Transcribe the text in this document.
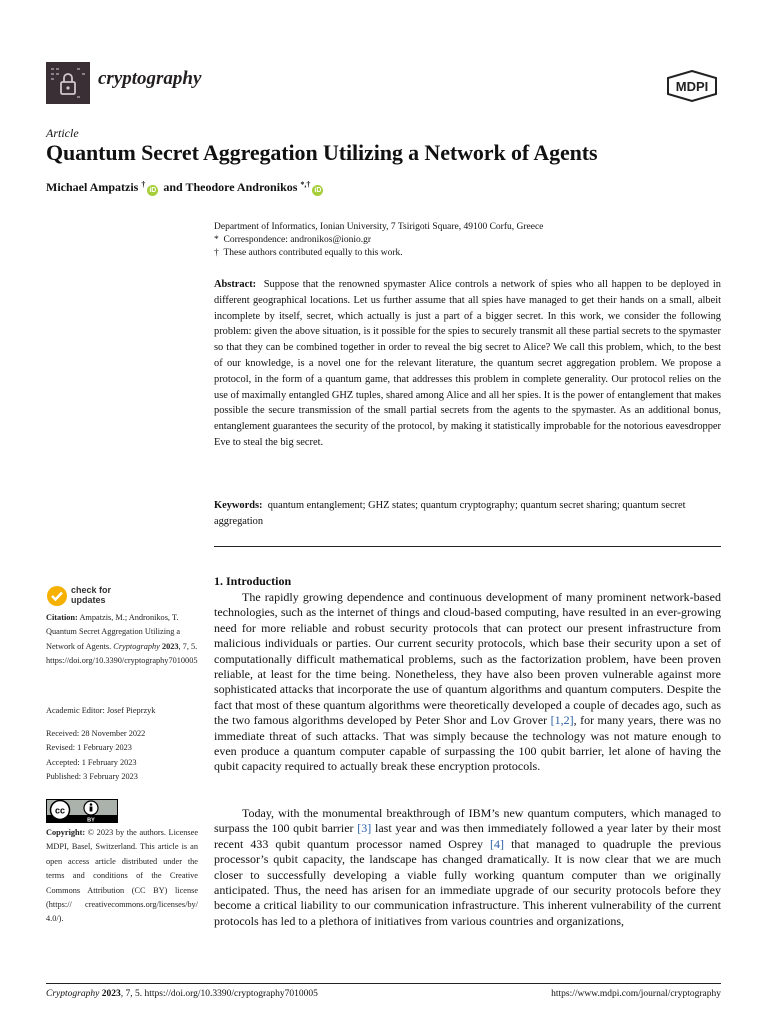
cryptography	MDPI
Article
Quantum Secret Aggregation Utilizing a Network of Agents
Michael Ampatzis †iD and Theodore Andronikos *,†iD
Department of Informatics, Ionian University, 7 Tsirigoti Square, 49100 Corfu, Greece
* Correspondence: andronikos@ionio.gr
† These authors contributed equally to this work.
Abstract: Suppose that the renowned spymaster Alice controls a network of spies who all happen to be deployed in different geographical locations. Let us further assume that all spies have managed to get their hands on a small, albeit incomplete by itself, secret, which actually is just a part of a bigger secret. In this work, we consider the following problem: given the above situation, is it possible for the spies to securely transmit all these partial secrets to the spymaster so that they can be combined together in order to reveal the big secret to Alice? We call this problem, which, to the best of our knowledge, is a novel one for the relevant literature, the quantum secret aggregation problem. We propose a protocol, in the form of a quantum game, that addresses this problem in complete generality. Our protocol relies on the use of maximally entangled GHZ tuples, shared among Alice and all her spies. It is the power of entanglement that makes possible the secure transmission of the small partial secrets from the agents to the spymaster. As an additional bonus, entanglement guarantees the security of the protocol, by making it statistically improbable for the notorious eavesdropper Eve to steal the big secret.
Keywords: quantum entanglement; GHZ states; quantum cryptography; quantum secret sharing; quantum secret aggregation
check for
updates
Citation: Ampatzis, M.; Andronikos, T. Quantum Secret Aggregation Utilizing a Network of Agents. Cryptography 2023, 7, 5. https://doi.org/10.3390/cryptography7010005
Academic Editor: Josef Pieprzyk
Received: 28 November 2022
Revised: 1 February 2023
Accepted: 1 February 2023
Published: 3 February 2023
cc
BY
Copyright: © 2023 by the authors. Licensee MDPI, Basel, Switzerland. This article is an open access article distributed under the terms and conditions of the Creative Commons Attribution (CC BY) license (https:// creativecommons.org/licenses/by/ 4.0/).
1. Introduction
The rapidly growing dependence and continuous development of many prominent network-based technologies, such as the internet of things and cloud-based computing, have resulted in an ever-growing need for more reliable and robust security protocols that can protect our present infrastructure from malicious individuals or parties. Our current security protocols, which base their security upon a set of computationally difficult mathematical problems, such as the factorization problem, have been proven reliable, at least for the time being. Nonetheless, they have also been proven vulnerable against more sophisticated attacks that incorporate the use of quantum algorithms and quantum computers. Despite the fact that most of these quantum algorithms were theoretically developed a couple of decades ago, such as the two famous algorithms developed by Peter Shor and Lov Grover [1,2], for many years, there was no immediate threat of such attacks. That was simply because the technology was not mature enough to even produce a quantum computer capable of surpassing the 100 qubit barrier, let alone of having the qubit capacity required to actually break these encryption protocols.
Today, with the monumental breakthrough of IBM’s new quantum computers, which managed to surpass the 100 qubit barrier [3] last year and was then immediately followed a year later by their most recent 433 qubit quantum processor named Osprey [4] that managed to quadruple the previous processor’s qubit capacity, the landscape has changed dramatically. It is now clear that we are much closer to successfully developing a viable fully working quantum computer than we originally anticipated. Thus, the need has arisen for an immediate upgrade of our security protocols before they become a critical liability to our communication infrastructure. This inherent vulnerability of the current protocols has led to a plethora of initiatives from various countries and organizations,
Cryptography 2023, 7, 5. https://doi.org/10.3390/cryptography7010005	https://www.mdpi.com/journal/cryptography
